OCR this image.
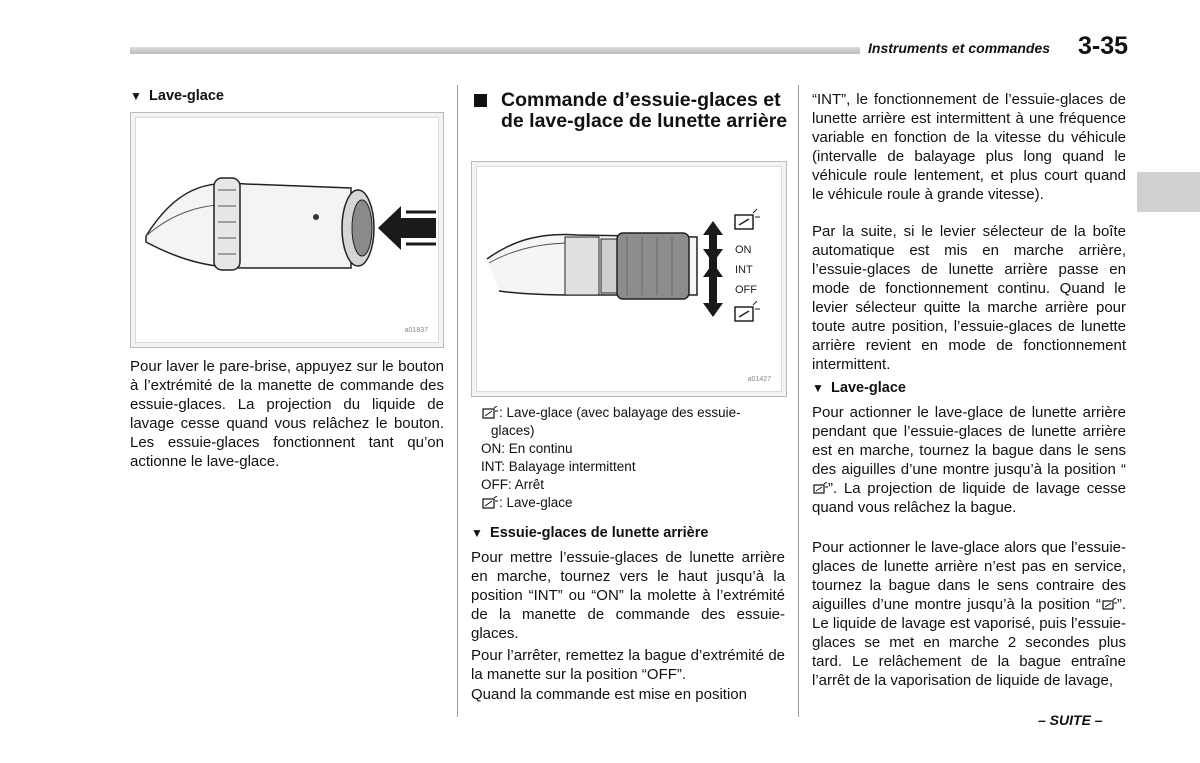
Instruments et commandes 3-35
▼ Lave-glace
a01837

Pour laver le pare-brise, appuyez sur le bouton à l’extrémité de la manette de commande des essuie-glaces. La projection du liquide de lavage cesse quand vous relâchez le bouton. Les essuie-glaces fonctionnent tant qu’on actionne le lave-glace.

Commande d’essuie-glaces et de lave-glace de lunette arrière
ON
INT
OFF
a01427
: Lave-glace (avec balayage des essuie-
glaces)
ON: En continu
INT: Balayage intermittent
OFF: Arrêt
: Lave-glace
▼ Essuie-glaces de lunette arrière

Pour mettre l’essuie-glaces de lunette arrière en marche, tournez vers le haut jusqu’à la position “INT” ou “ON” la molette à l’extrémité de la manette de commande des essuie-glaces.

Pour l’arrêter, remettez la bague d’extrémité de la manette sur la position “OFF”.

Quand la commande est mise en position

“INT”, le fonctionnement de l’essuie-glaces de lunette arrière est intermittent à une fréquence variable en fonction de la vitesse du véhicule (intervalle de balayage plus long quand le véhicule roule lentement, et plus court quand le véhicule roule à grande vitesse).

Par la suite, si le levier sélecteur de la boîte automatique est mis en marche arrière, l’essuie-glaces de lunette arrière passe en mode de fonctionnement continu. Quand le levier sélecteur quitte la marche arrière pour toute autre position, l’essuie-glaces de lunette arrière revient en mode de fonctionnement intermittent.

▼ Lave-glace

Pour actionner le lave-glace de lunette arrière pendant que l’essuie-glaces de lunette arrière est en marche, tournez la bague dans le sens des aiguilles d’une montre jusqu’à la position “”. La projection de liquide de lavage cesse quand vous relâchez la bague.

Pour actionner le lave-glace alors que l’essuie-glaces de lunette arrière n’est pas en service, tournez la bague dans le sens contraire des aiguilles d’une montre jusqu’à la position “ ”. Le liquide de lavage est vaporisé, puis l’essuie-glaces se met en marche 2 secondes plus tard. Le relâchement de la bague entraîne l’arrêt de la vaporisation de liquide de lavage,

– SUITE –
